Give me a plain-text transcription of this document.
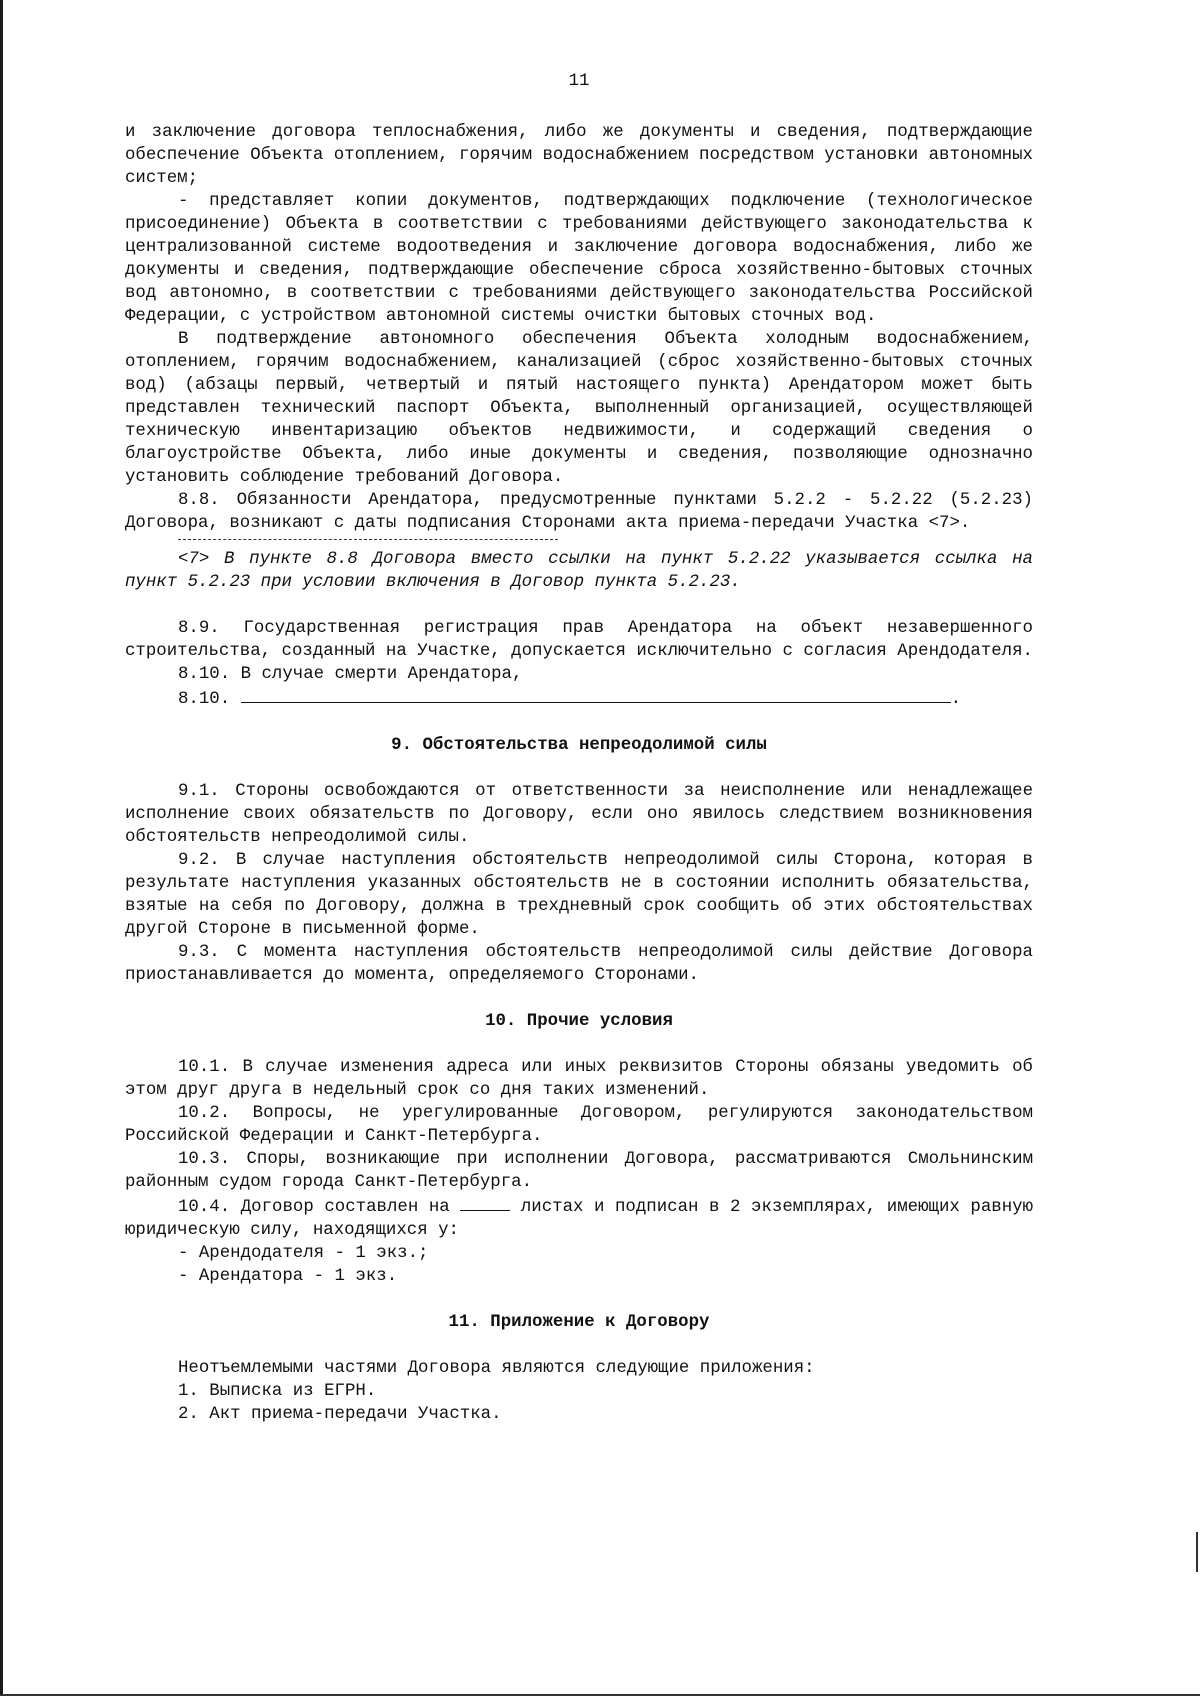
11

и заключение договора теплоснабжения, либо же документы и сведения, подтверждающие обеспечение Объекта отоплением, горячим водоснабжением посредством установки автономных систем;

- представляет копии документов, подтверждающих подключение (технологическое присоединение) Объекта в соответствии с требованиями действующего законодательства к централизованной системе водоотведения и заключение договора водоснабжения, либо же документы и сведения, подтверждающие обеспечение сброса хозяйственно-бытовых сточных вод автономно, в соответствии с требованиями действующего законодательства Российской Федерации, с устройством автономной системы очистки бытовых сточных вод.

В подтверждение автономного обеспечения Объекта холодным водоснабжением, отоплением, горячим водоснабжением, канализацией (сброс хозяйственно-бытовых сточных вод) (абзацы первый, четвертый и пятый настоящего пункта) Арендатором может быть представлен технический паспорт Объекта, выполненный организацией, осуществляющей техническую инвентаризацию объектов недвижимости, и содержащий сведения о благоустройстве Объекта, либо иные документы и сведения, позволяющие однозначно установить соблюдение требований Договора.

8.8. Обязанности Арендатора, предусмотренные пунктами 5.2.2 - 5.2.22 (5.2.23) Договора, возникают с даты подписания Сторонами акта приема-передачи Участка <7>.

<7> В пункте 8.8 Договора вместо ссылки на пункт 5.2.22 указывается ссылка на пункт 5.2.23 при условии включения в Договор пункта 5.2.23.

8.9. Государственная регистрация прав Арендатора на объект незавершенного строительства, созданный на Участке, допускается исключительно с согласия Арендодателя.

8.10. В случае смерти Арендатора,

8.10.	.

9. Обстоятельства непреодолимой силы

9.1. Стороны освобождаются от ответственности за неисполнение или ненадлежащее исполнение своих обязательств по Договору, если оно явилось следствием возникновения обстоятельств непреодолимой силы.

9.2. В случае наступления обстоятельств непреодолимой силы Сторона, которая в результате наступления указанных обстоятельств не в состоянии исполнить обязательства, взятые на себя по Договору, должна в трехдневный срок сообщить об этих обстоятельствах другой Стороне в письменной форме.

9.3. С момента наступления обстоятельств непреодолимой силы действие Договора приостанавливается до момента, определяемого Сторонами.

10. Прочие условия

10.1. В случае изменения адреса или иных реквизитов Стороны обязаны уведомить об этом друг друга в недельный срок со дня таких изменений.

10.2. Вопросы, не урегулированные Договором, регулируются законодательством Российской Федерации и Санкт-Петербурга.

10.3. Споры, возникающие при исполнении Договора, рассматриваются Смольнинским районным судом города Санкт-Петербурга.

10.4. Договор составлен на	листах и подписан в 2 экземплярах, имеющих равную юридическую силу, находящихся у:

- Арендодателя - 1 экз.;

- Арендатора - 1 экз.

11. Приложение к Договору

Неотъемлемыми частями Договора являются следующие приложения:

1. Выписка из ЕГРН.

2. Акт приема-передачи Участка.
